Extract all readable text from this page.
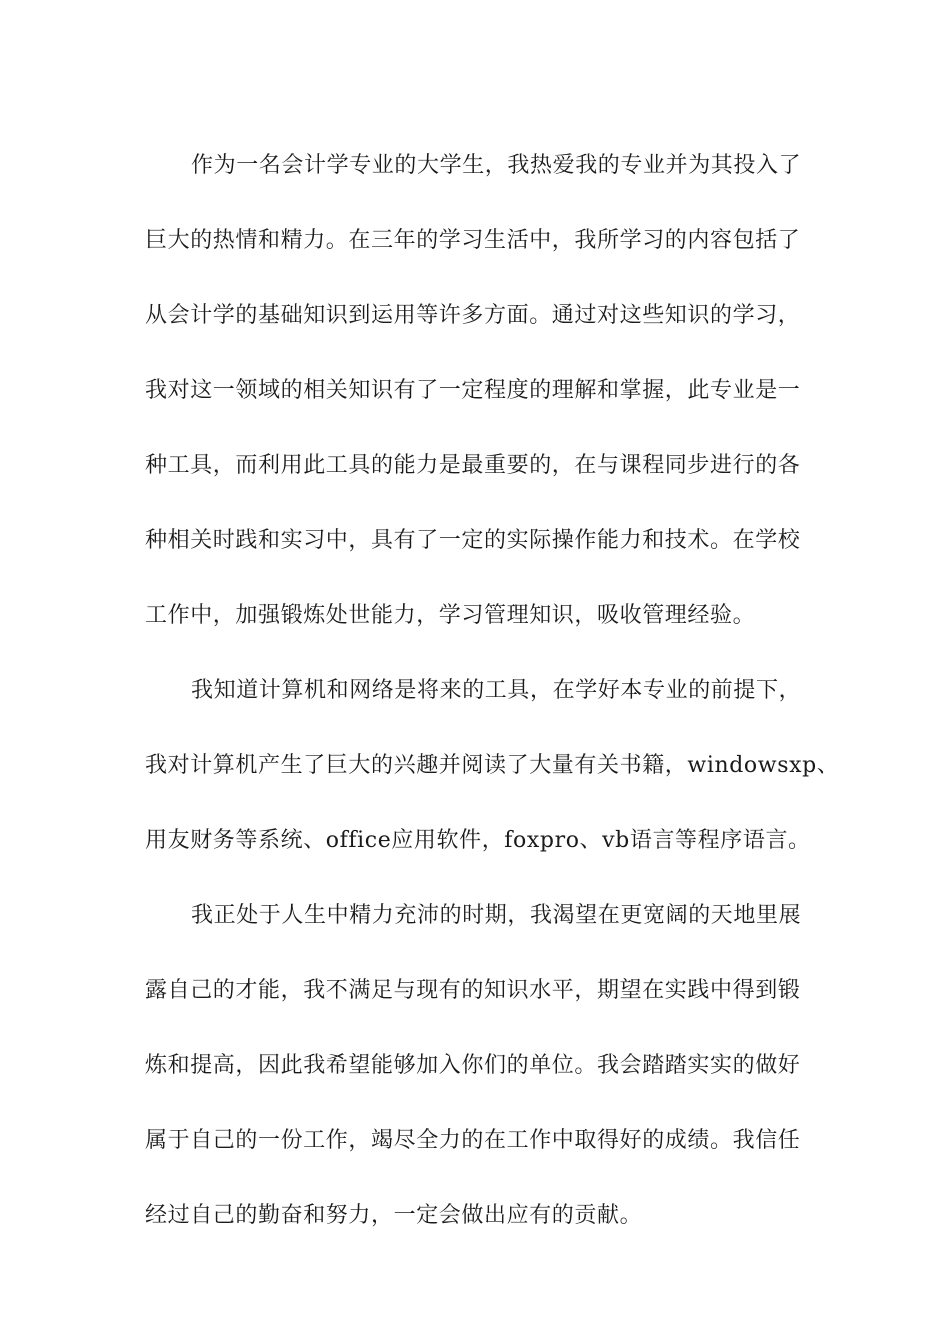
作为一名会计学专业的大学生，我热爱我的专业并为其投入了
巨大的热情和精力。在三年的学习生活中，我所学习的内容包括了
从会计学的基础知识到运用等许多方面。通过对这些知识的学习，
我对这一领域的相关知识有了一定程度的理解和掌握，此专业是一
种工具，而利用此工具的能力是最重要的，在与课程同步进行的各
种相关时践和实习中，具有了一定的实际操作能力和技术。在学校
工作中，加强锻炼处世能力，学习管理知识，吸收管理经验。
我知道计算机和网络是将来的工具，在学好本专业的前提下，
我对计算机产生了巨大的兴趣并阅读了大量有关书籍，windowsxp、
用友财务等系统、office应用软件，foxpro、vb语言等程序语言。
我正处于人生中精力充沛的时期，我渴望在更宽阔的天地里展
露自己的才能，我不满足与现有的知识水平，期望在实践中得到锻
炼和提高，因此我希望能够加入你们的单位。我会踏踏实实的做好
属于自己的一份工作，竭尽全力的在工作中取得好的成绩。我信任
经过自己的勤奋和努力，一定会做出应有的贡献。
